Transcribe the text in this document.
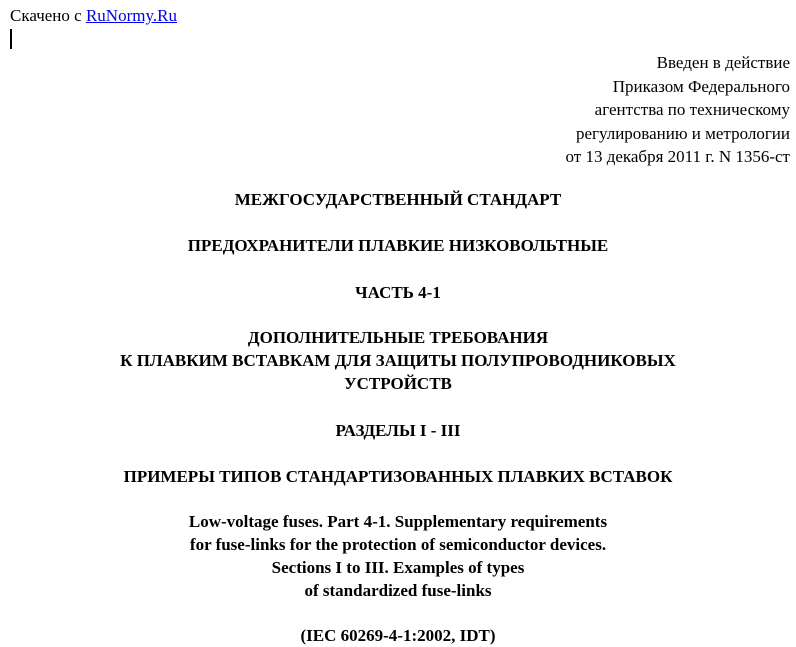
Скачено с RuNormy.Ru
Введен в действие
Приказом Федерального
агентства по техническому
регулированию и метрологии
от 13 декабря 2011 г. N 1356-ст
МЕЖГОСУДАРСТВЕННЫЙ СТАНДАРТ
ПРЕДОХРАНИТЕЛИ ПЛАВКИЕ НИЗКОВОЛЬТНЫЕ
ЧАСТЬ 4-1
ДОПОЛНИТЕЛЬНЫЕ ТРЕБОВАНИЯ
К ПЛАВКИМ ВСТАВКАМ ДЛЯ ЗАЩИТЫ ПОЛУПРОВОДНИКОВЫХ
УСТРОЙСТВ
РАЗДЕЛЫ I - III
ПРИМЕРЫ ТИПОВ СТАНДАРТИЗОВАННЫХ ПЛАВКИХ ВСТАВОК
Low-voltage fuses. Part 4-1. Supplementary requirements
for fuse-links for the protection of semiconductor devices.
Sections I to III. Examples of types
of standardized fuse-links
(IEC 60269-4-1:2002, IDT)
